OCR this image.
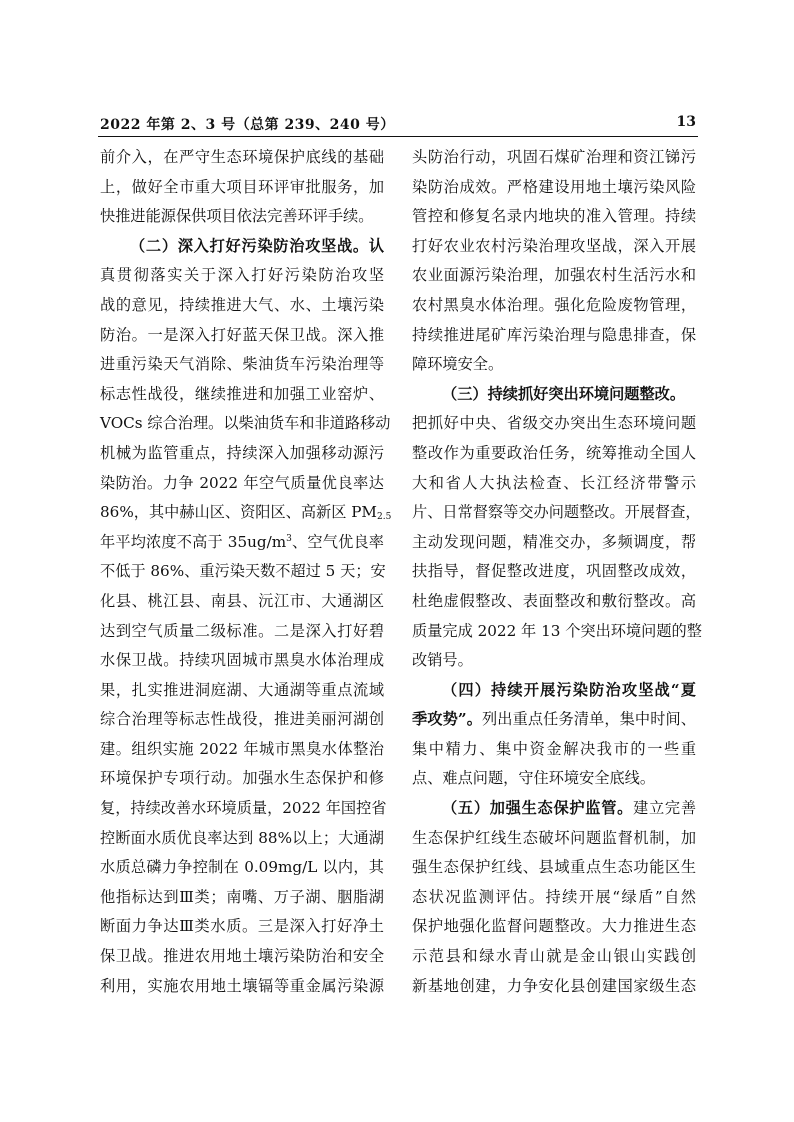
2022 年第 2、3 号（总第 239、240 号）	13
前介入，在严守生态环境保护底线的基础
上，做好全市重大项目环评审批服务，加
快推进能源保供项目依法完善环评手续。
（二）深入打好污染防治攻坚战。认
真贯彻落实关于深入打好污染防治攻坚
战的意见，持续推进大气、水、土壤污染
防治。一是深入打好蓝天保卫战。深入推
进重污染天气消除、柴油货车污染治理等
标志性战役，继续推进和加强工业窑炉、
VOCs 综合治理。以柴油货车和非道路移动
机械为监管重点，持续深入加强移动源污
染防治。力争 2022 年空气质量优良率达
86%，其中赫山区、资阳区、高新区 $PM_{2.5}$
年平均浓度不高于 $35ug/m^3$、空气优良率
不低于 86%、重污染天数不超过 5 天；安
化县、桃江县、南县、沅江市、大通湖区
达到空气质量二级标准。二是深入打好碧
水保卫战。持续巩固城市黑臭水体治理成
果，扎实推进洞庭湖、大通湖等重点流域
综合治理等标志性战役，推进美丽河湖创
建。组织实施 2022 年城市黑臭水体整治
环境保护专项行动。加强水生态保护和修
复，持续改善水环境质量，2022 年国控省
控断面水质优良率达到 88%以上；大通湖
水质总磷力争控制在 0.09mg/L 以内，其
他指标达到Ⅲ类；南嘴、万子湖、胭脂湖
断面力争达Ⅲ类水质。三是深入打好净土
保卫战。推进农用地土壤污染防治和安全
利用，实施农用地土壤镉等重金属污染源
头防治行动，巩固石煤矿治理和资江锑污
染防治成效。严格建设用地土壤污染风险
管控和修复名录内地块的准入管理。持续
打好农业农村污染治理攻坚战，深入开展
农业面源污染治理，加强农村生活污水和
农村黑臭水体治理。强化危险废物管理，
持续推进尾矿库污染治理与隐患排查，保
障环境安全。
（三）持续抓好突出环境问题整改。
把抓好中央、省级交办突出生态环境问题
整改作为重要政治任务，统筹推动全国人
大和省人大执法检查、长江经济带警示
片、日常督察等交办问题整改。开展督查，
主动发现问题，精准交办，多频调度，帮
扶指导，督促整改进度，巩固整改成效，
杜绝虚假整改、表面整改和敷衍整改。高
质量完成 2022 年 13 个突出环境问题的整
改销号。
（四）持续开展污染防治攻坚战“夏
季攻势”。列出重点任务清单，集中时间、
集中精力、集中资金解决我市的一些重
点、难点问题，守住环境安全底线。
（五）加强生态保护监管。建立完善
生态保护红线生态破坏问题监督机制，加
强生态保护红线、县域重点生态功能区生
态状况监测评估。持续开展“绿盾”自然
保护地强化监督问题整改。大力推进生态
示范县和绿水青山就是金山银山实践创
新基地创建，力争安化县创建国家级生态
